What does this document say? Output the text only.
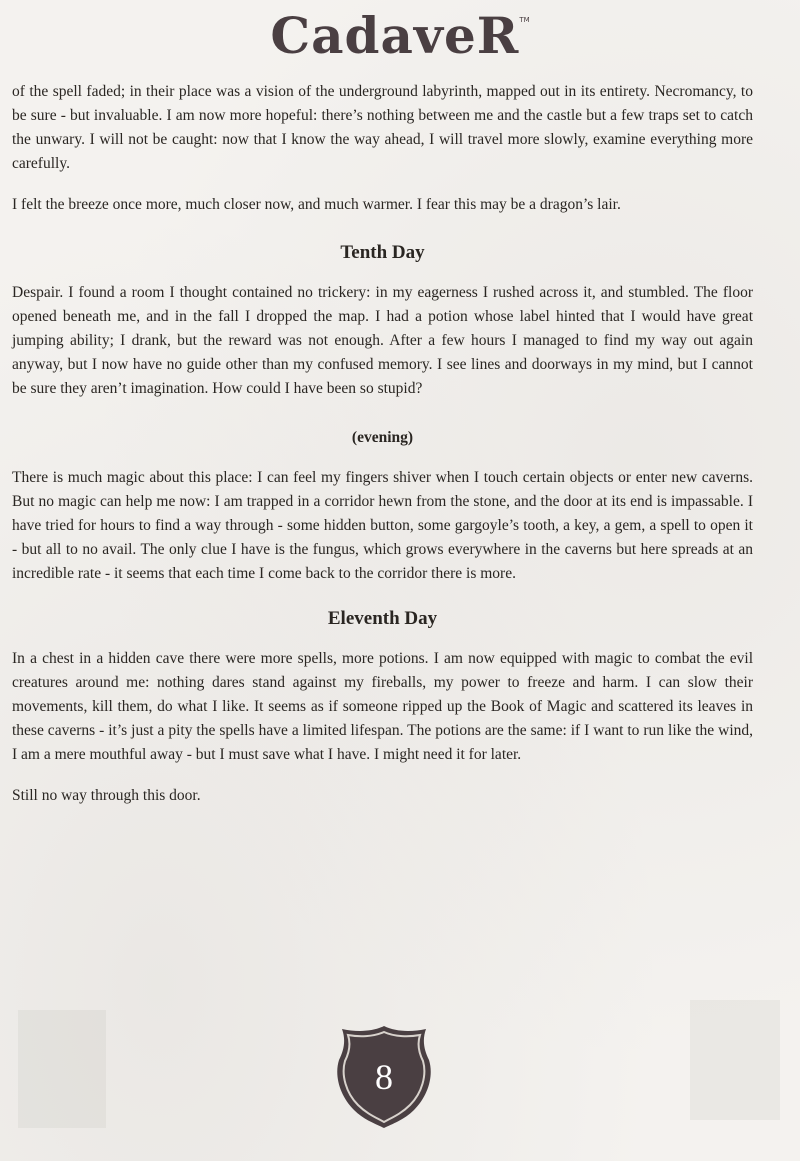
CadaveR™

of the spell faded; in their place was a vision of the underground labyrinth, mapped out in its entirety. Necromancy, to be sure - but invaluable. I am now more hopeful: there’s nothing between me and the castle but a few traps set to catch the unwary. I will not be caught: now that I know the way ahead, I will travel more slowly, examine everything more carefully.

I felt the breeze once more, much closer now, and much warmer. I fear this may be a dragon’s lair.

Tenth Day

Despair. I found a room I thought contained no trickery: in my eagerness I rushed across it, and stumbled. The floor opened beneath me, and in the fall I dropped the map. I had a potion whose label hinted that I would have great jumping ability; I drank, but the reward was not enough. After a few hours I managed to find my way out again anyway, but I now have no guide other than my confused memory. I see lines and doorways in my mind, but I cannot be sure they aren’t imagination. How could I have been so stupid?

(evening)

There is much magic about this place: I can feel my fingers shiver when I touch certain objects or enter new caverns. But no magic can help me now: I am trapped in a corridor hewn from the stone, and the door at its end is impassable. I have tried for hours to find a way through - some hidden button, some gargoyle’s tooth, a key, a gem, a spell to open it - but all to no avail. The only clue I have is the fungus, which grows everywhere in the caverns but here spreads at an incredible rate - it seems that each time I come back to the corridor there is more.

Eleventh Day

In a chest in a hidden cave there were more spells, more potions. I am now equipped with magic to combat the evil creatures around me: nothing dares stand against my fireballs, my power to freeze and harm. I can slow their movements, kill them, do what I like. It seems as if someone ripped up the Book of Magic and scattered its leaves in these caverns - it’s just a pity the spells have a limited lifespan. The potions are the same: if I want to run like the wind, I am a mere mouthful away - but I must save what I have. I might need it for later.

Still no way through this door.

8
